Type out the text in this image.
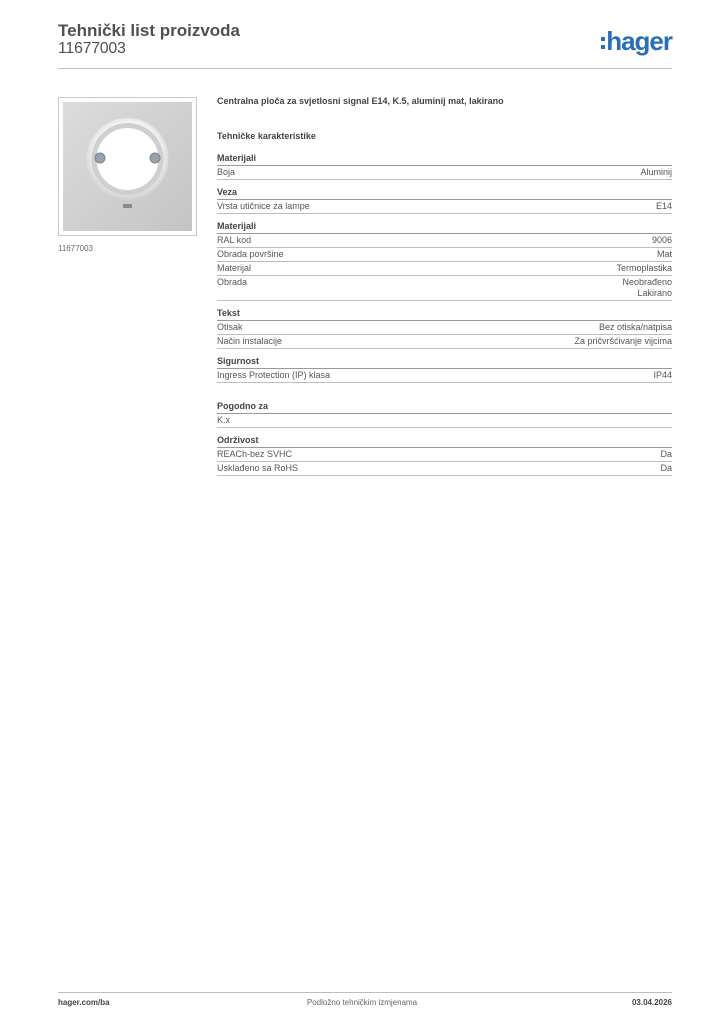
Tehnički list proizvoda
11677003	hager
11677003
Centralna ploča za svjetlosni signal E14, K.5, aluminij mat, lakirano
Tehničke karakteristike
Materijali
Boja	Aluminij
Veza
Vrsta utičnice za lampe	E14
Materijali
RAL kod	9006
Obrada površine	Mat
Materijal	Termoplastika
Obrada	Neobrađeno
Lakirano
Tekst
Otisak	Bez otiska/natpisa
Način instalacije	Za pričvršćivanje vijcima
Sigurnost
Ingress Protection (IP) klasa	IP44
Pogodno za
K.x
Održivost
REACh-bez SVHC	Da
Usklađeno sa RoHS	Da
hager.com/ba	Podložno tehničkim izmjenama	03.04.2026
